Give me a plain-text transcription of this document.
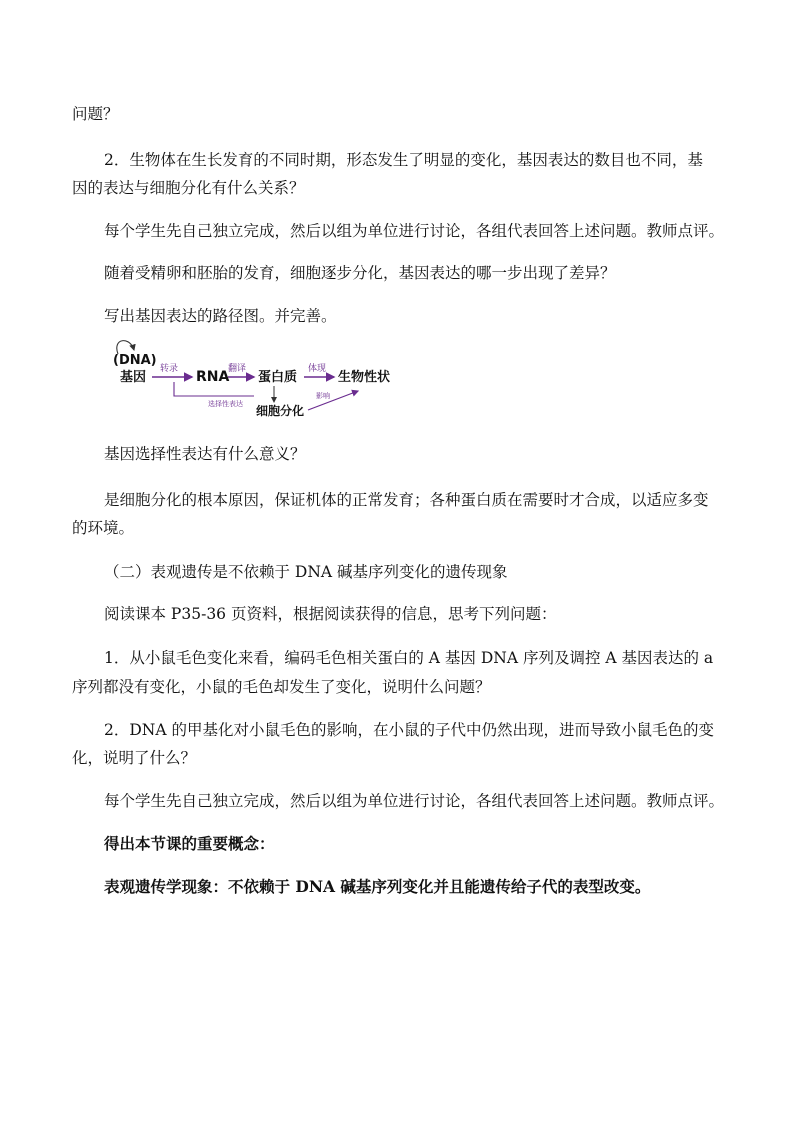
问题？
2．生物体在生长发育的不同时期，形态发生了明显的变化，基因表达的数目也不同，基
因的表达与细胞分化有什么关系？
每个学生先自己独立完成，然后以组为单位进行讨论，各组代表回答上述问题。教师点评。
随着受精卵和胚胎的发育，细胞逐步分化，基因表达的哪一步出现了差异？
写出基因表达的路径图。并完善。
(DNA)
基因
转录 RNA
翻译
蛋白质
体现
生物性状
选择性表达 细胞分化
影响
基因选择性表达有什么意义？
是细胞分化的根本原因，保证机体的正常发育；各种蛋白质在需要时才合成，以适应多变
的环境。
（二）表观遗传是不依赖于 DNA 碱基序列变化的遗传现象
阅读课本 P35-36 页资料，根据阅读获得的信息，思考下列问题：
1．从小鼠毛色变化来看，编码毛色相关蛋白的 A 基因 DNA 序列及调控 A 基因表达的 a
序列都没有变化，小鼠的毛色却发生了变化，说明什么问题？
2．DNA 的甲基化对小鼠毛色的影响，在小鼠的子代中仍然出现，进而导致小鼠毛色的变
化，说明了什么？
每个学生先自己独立完成，然后以组为单位进行讨论，各组代表回答上述问题。教师点评。
得出本节课的重要概念：
表观遗传学现象：不依赖于 DNA 碱基序列变化并且能遗传给子代的表型改变。
